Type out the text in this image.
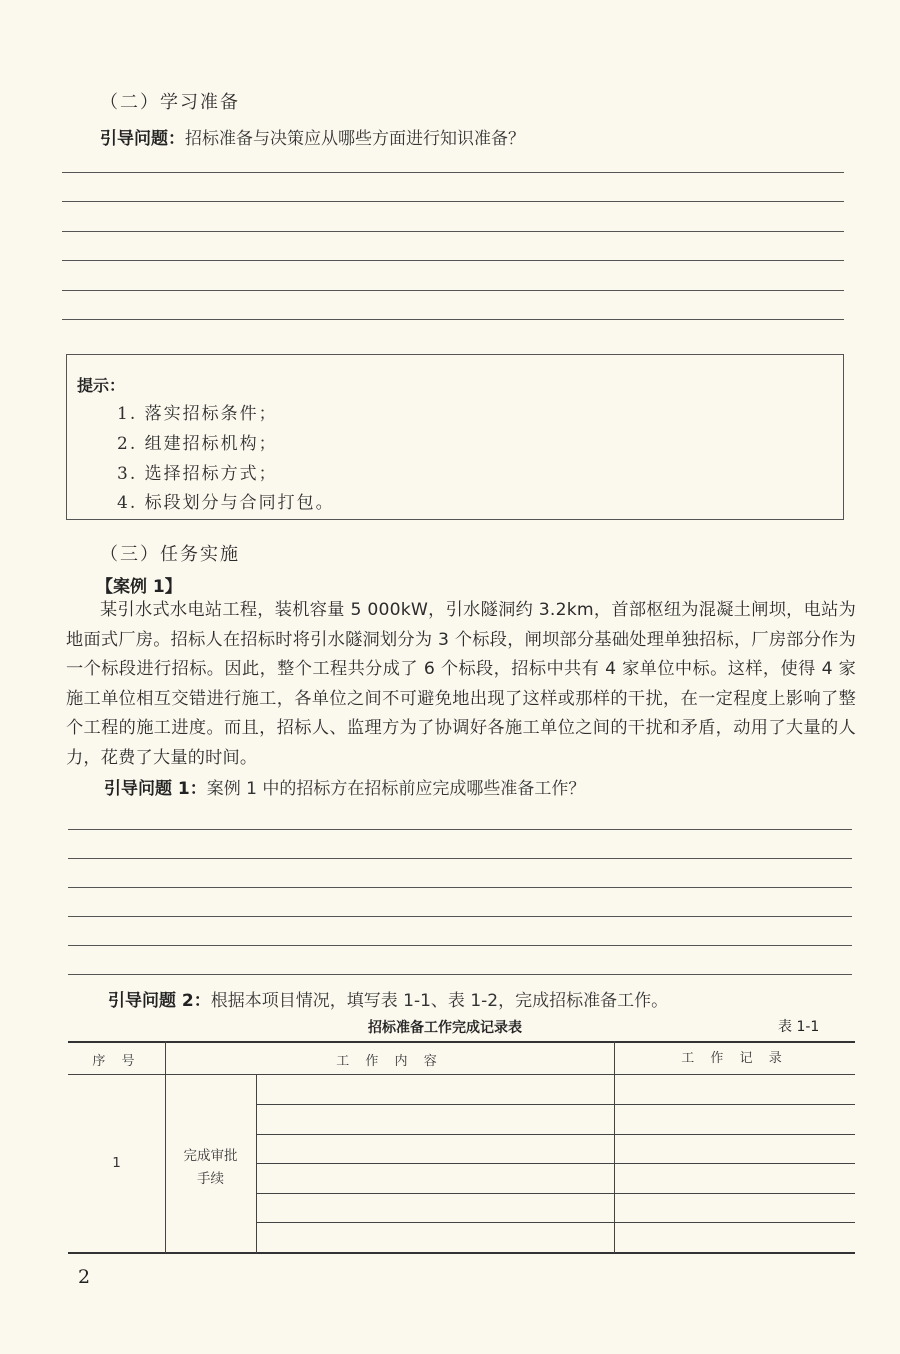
（二）学习准备
引导问题：招标准备与决策应从哪些方面进行知识准备？
提示：
1. 落实招标条件；
2. 组建招标机构；
3. 选择招标方式；
4. 标段划分与合同打包。
（三）任务实施
【案例 1】
某引水式水电站工程，装机容量 5 000kW，引水隧洞约 3.2km，首部枢纽为混凝土闸坝，电站为地面式厂房。招标人在招标时将引水隧洞划分为 3 个标段，闸坝部分基础处理单独招标，厂房部分作为一个标段进行招标。因此，整个工程共分成了 6 个标段，招标中共有 4 家单位中标。这样，使得 4 家施工单位相互交错进行施工，各单位之间不可避免地出现了这样或那样的干扰，在一定程度上影响了整个工程的施工进度。而且，招标人、监理方为了协调好各施工单位之间的干扰和矛盾，动用了大量的人力，花费了大量的时间。
引导问题 1：案例 1 中的招标方在招标前应完成哪些准备工作？
引导问题 2：根据本项目情况，填写表 1-1、表 1-2，完成招标准备工作。
招标准备工作完成记录表	表 1-1
序 号	工 作 内 容	工 作 记 录
1	完成审批
手续
2
